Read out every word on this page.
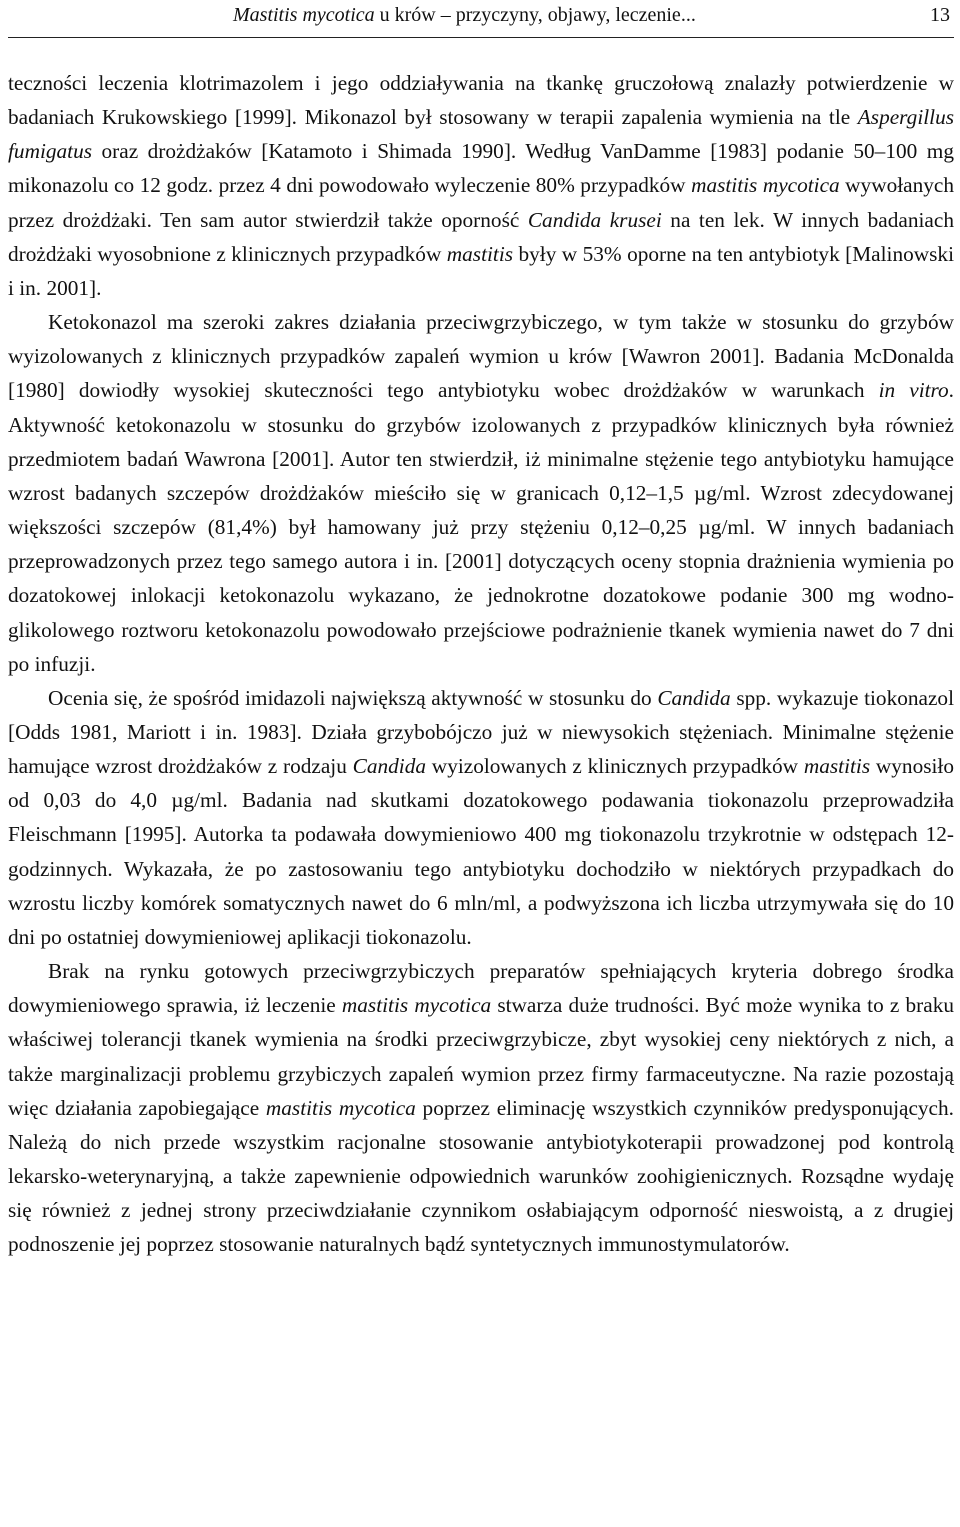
Mastitis mycotica u krów – przyczyny, objawy, leczenie...	13

teczności leczenia klotrimazolem i jego oddziaływania na tkankę gruczołową znalazły potwierdzenie w badaniach Krukowskiego [1999]. Mikonazol był stosowany w terapii zapalenia wymienia na tle Aspergillus fumigatus oraz drożdżaków [Katamoto i Shimada 1990]. Według VanDamme [1983] podanie 50–100 mg mikonazolu co 12 godz. przez 4 dni powodowało wyleczenie 80% przypadków mastitis mycotica wywołanych przez drożdżaki. Ten sam autor stwierdził także oporność Candida krusei na ten lek. W innych badaniach drożdżaki wyosobnione z klinicznych przypadków mastitis były w 53% oporne na ten antybiotyk [Malinowski i in. 2001].

Ketokonazol ma szeroki zakres działania przeciwgrzybiczego, w tym także w stosunku do grzybów wyizolowanych z klinicznych przypadków zapaleń wymion u krów [Wawron 2001]. Badania McDonalda [1980] dowiodły wysokiej skuteczności tego antybiotyku wobec drożdżaków w warunkach in vitro. Aktywność ketokonazolu w stosunku do grzybów izolowanych z przypadków klinicznych była również przedmiotem badań Wawrona [2001]. Autor ten stwierdził, iż minimalne stężenie tego antybiotyku hamujące wzrost badanych szczepów drożdżaków mieściło się w granicach 0,12–1,5 µg/ml. Wzrost zdecydowanej większości szczepów (81,4%) był hamowany już przy stężeniu 0,12–0,25 µg/ml. W innych badaniach przeprowadzonych przez tego samego autora i in. [2001] dotyczących oceny stopnia drażnienia wymienia po dozatokowej inlokacji ketokonazolu wykazano, że jednokrotne dozatokowe podanie 300 mg wodno-glikolowego roztworu ketokonazolu powodowało przejściowe podrażnienie tkanek wymienia nawet do 7 dni po infuzji.

Ocenia się, że spośród imidazoli największą aktywność w stosunku do Candida spp. wykazuje tiokonazol [Odds 1981, Mariott i in. 1983]. Działa grzybobójczo już w niewysokich stężeniach. Minimalne stężenie hamujące wzrost drożdżaków z rodzaju Candida wyizolowanych z klinicznych przypadków mastitis wynosiło od 0,03 do 4,0 µg/ml. Badania nad skutkami dozatokowego podawania tiokonazolu przeprowadziła Fleischmann [1995]. Autorka ta podawała dowymieniowo 400 mg tiokonazolu trzykrotnie w odstępach 12-godzinnych. Wykazała, że po zastosowaniu tego antybiotyku dochodziło w niektórych przypadkach do wzrostu liczby komórek somatycznych nawet do 6 mln/ml, a podwyższona ich liczba utrzymywała się do 10 dni po ostatniej dowymieniowej aplikacji tiokonazolu.

Brak na rynku gotowych przeciwgrzybiczych preparatów spełniających kryteria dobrego środka dowymieniowego sprawia, iż leczenie mastitis mycotica stwarza duże trudności. Być może wynika to z braku właściwej tolerancji tkanek wymienia na środki przeciwgrzybicze, zbyt wysokiej ceny niektórych z nich, a także marginalizacji problemu grzybiczych zapaleń wymion przez firmy farmaceutyczne. Na razie pozostają więc działania zapobiegające mastitis mycotica poprzez eliminację wszystkich czynników predysponujących. Należą do nich przede wszystkim racjonalne stosowanie antybiotykoterapii prowadzonej pod kontrolą lekarsko-weterynaryjną, a także zapewnienie odpowiednich warunków zoohigienicznych. Rozsądne wydaję się również z jednej strony przeciwdziałanie czynnikom osłabiającym odporność nieswoistą, a z drugiej podnoszenie jej poprzez stosowanie naturalnych bądź syntetycznych immunostymulatorów.
